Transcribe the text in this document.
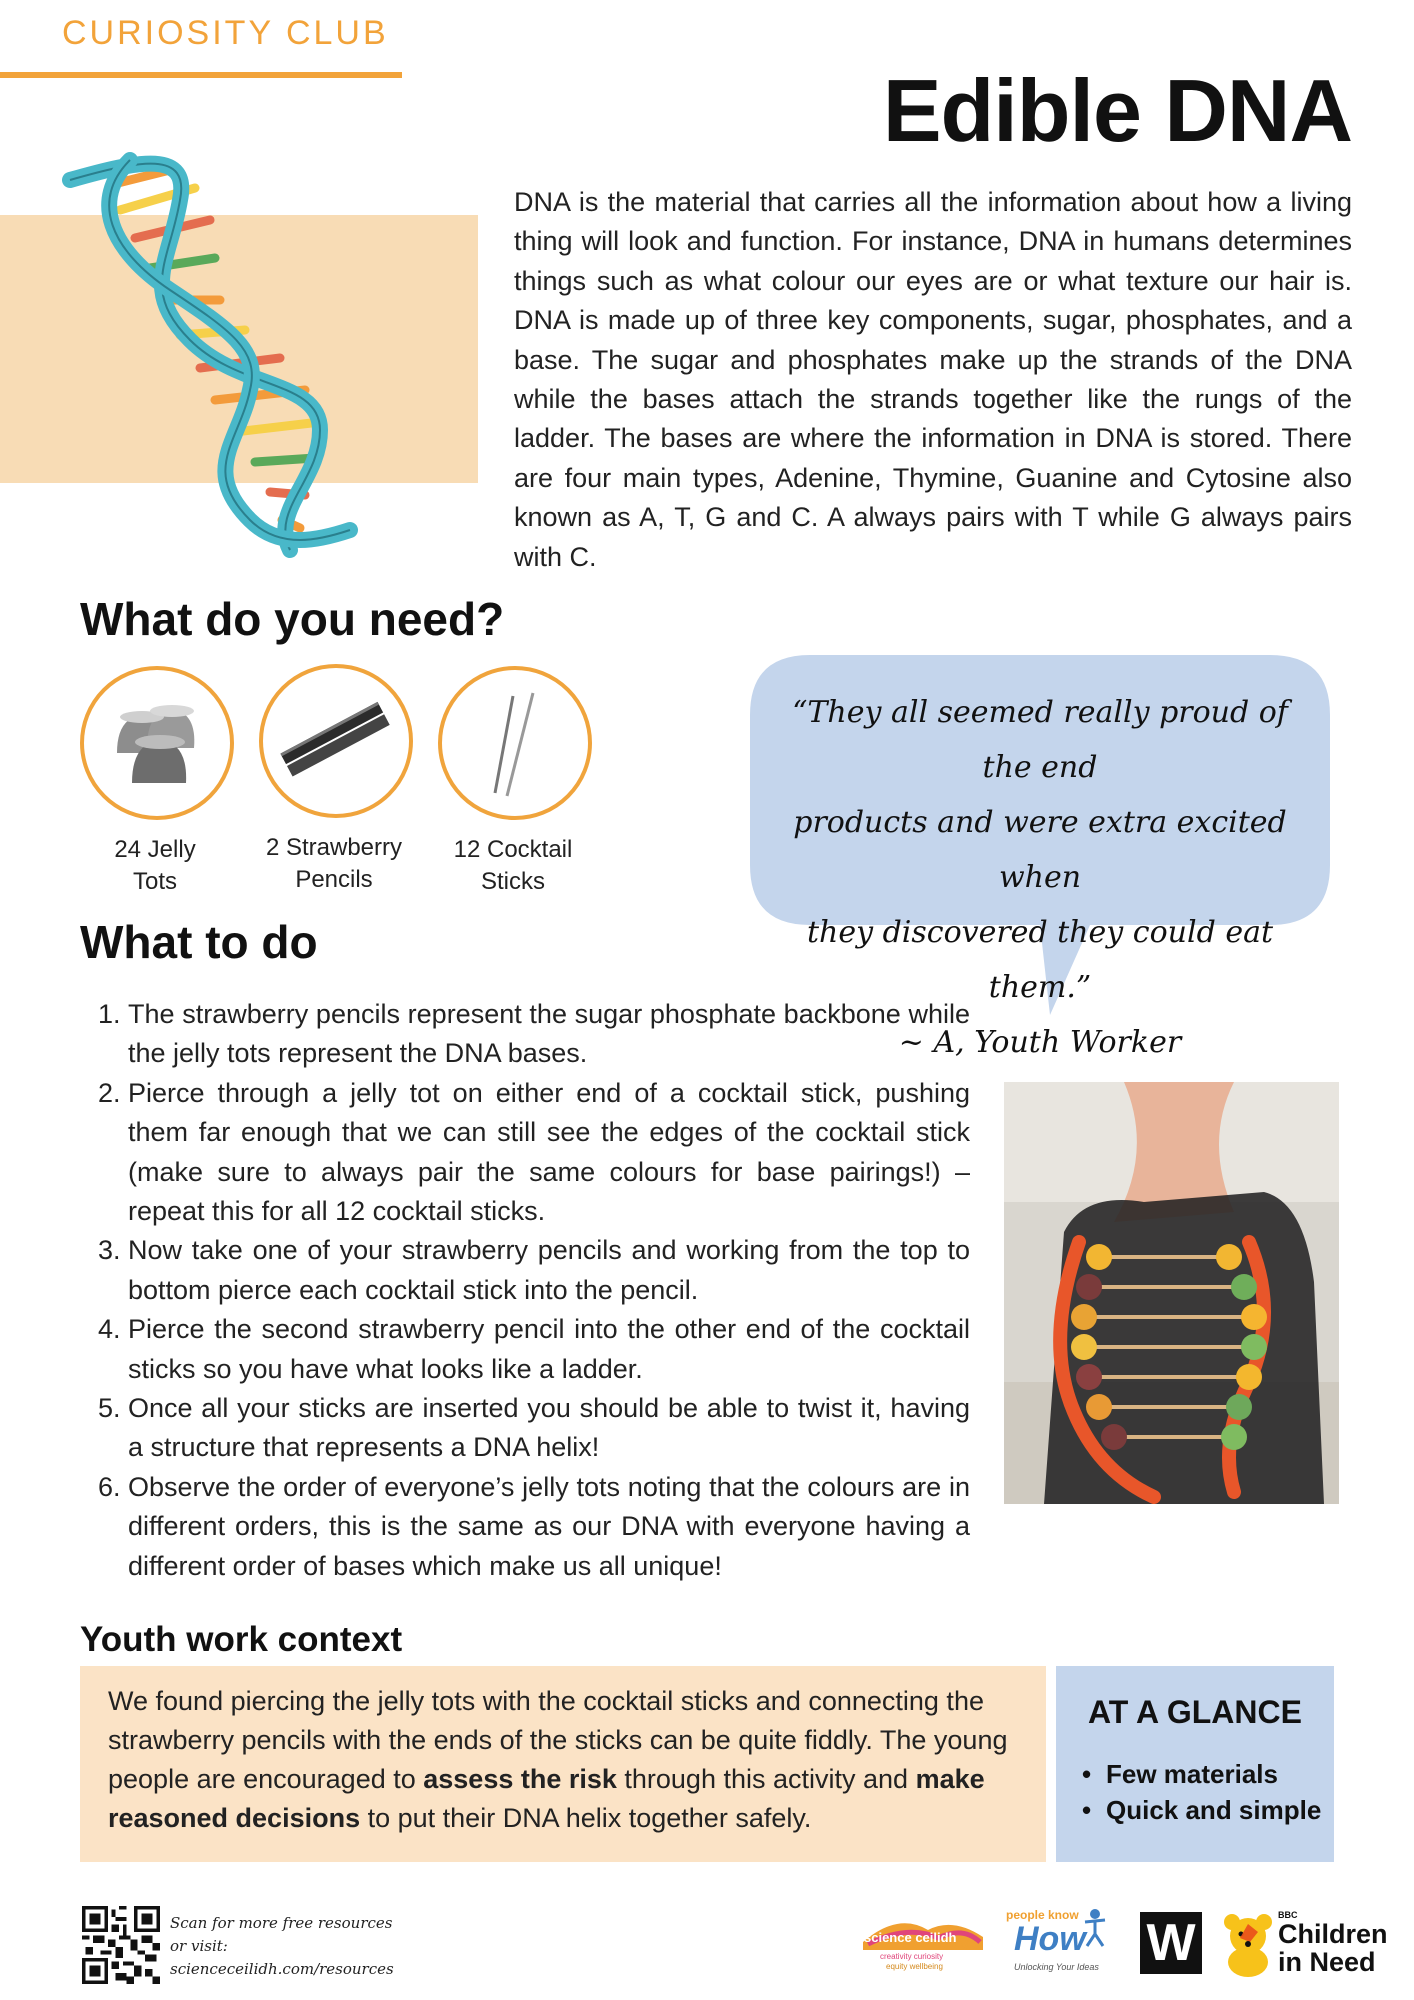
CURIOSITY CLUB
Edible DNA

DNA is the material that carries all the information about how a living thing will look and function. For instance, DNA in humans determines things such as what colour our eyes are or what texture our hair is. DNA is made up of three key components, sugar, phosphates, and a base. The sugar and phosphates make up the strands of the DNA while the bases attach the strands together like the rungs of the ladder. The bases are where the information in DNA is stored. There are four main types, Adenine, Thymine, Guanine and Cytosine also known as A, T, G and C. A always pairs with T while G always pairs with C.

What do you need?
24 Jelly
Tots
2 Strawberry
Pencils
12 Cocktail
Sticks
“They all seemed really proud of the end
products and were extra excited when
they discovered they could eat them.”
~ A, Youth Worker
What to do
1. The strawberry pencils represent the sugar phosphate backbone while the jelly tots represent the DNA bases.
2. Pierce through a jelly tot on either end of a cocktail stick, pushing them far enough that we can still see the edges of the cocktail stick (make sure to always pair the same colours for base pairings!) – repeat this for all 12 cocktail sticks.
3. Now take one of your strawberry pencils and working from the top to bottom pierce each cocktail stick into the pencil.
4. Pierce the second strawberry pencil into the other end of the cocktail sticks so you have what looks like a ladder.
5. Once all your sticks are inserted you should be able to twist it, having a structure that represents a DNA helix!
6. Observe the order of everyone’s jelly tots noting that the colours are in different orders, this is the same as our DNA with everyone having a different order of bases which make us all unique!
Youth work context

We found piercing the jelly tots with the cocktail sticks and connecting the strawberry pencils with the ends of the sticks can be quite fiddly. The young people are encouraged to assess the risk through this activity and make reasoned decisions to put their DNA helix together safely.

AT A GLANCE
• Few materials
• Quick and simple
Scan for more free resources
or visit:
scienceceilidh.com/resources
science ceilidh
creativity curiosity
equity wellbeing
people know
How
Unlocking Your Ideas W	BBC
Children
in Need
